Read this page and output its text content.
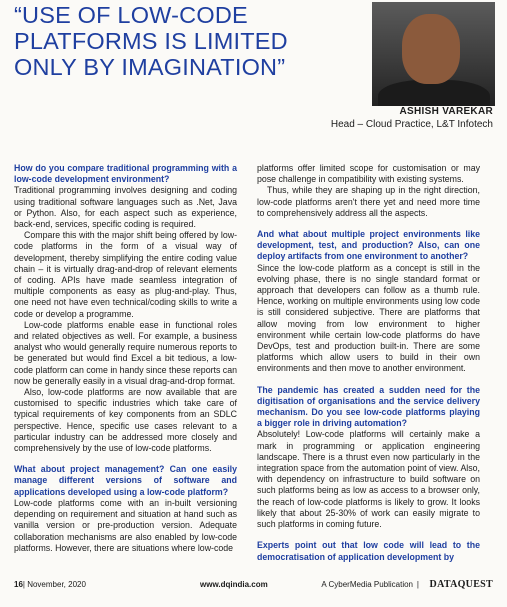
“USE OF LOW-CODE PLATFORMS IS LIMITED ONLY BY IMAGINATION”

ASHISH VAREKAR

Head – Cloud Practice, L&T Infotech

How do you compare traditional programming with a low-code development environment?

Traditional programming involves designing and coding using traditional software languages such as .Net, Java or Python. Also, for each aspect such as experience, back-end, services, specific coding is required.

Compare this with the major shift being offered by low-code platforms in the form of a visual way of development, thereby simplifying the entire coding value chain – it is virtually drag-and-drop of relevant elements of coding. APIs have made seamless integration of multiple components as easy as plug-and-play. Thus, one need not have even technical/coding skills to write a code or develop a programme.

Low-code platforms enable ease in functional roles and related objectives as well. For example, a business analyst who would generally require numerous reports to be generated but would find Excel a bit tedious, a low-code platform can come in handy since these reports can now be generally easily in a visual drag-and-drop format.

Also, low-code platforms are now available that are customised to specific industries which take care of typical requirements of key components from an SDLC perspective. Hence, specific use cases relevant to a particular industry can be addressed more closely and comprehensively by the use of low-code platforms.

What about project management? Can one easily manage different versions of software and applications developed using a low-code platform?

Low-code platforms come with an in-built versioning depending on requirement and situation at hand such as vanilla version or pre-production version. Adequate collaboration mechanisms are also enabled by low-code platforms. However, there are situations where low-code

platforms offer limited scope for customisation or may pose challenge in compatibility with existing systems.

Thus, while they are shaping up in the right direction, low-code platforms aren't there yet and need more time to comprehensively address all the aspects.

And what about multiple project environments like development, test, and production? Also, can one deploy artifacts from one environment to another?

Since the low-code platform as a concept is still in the evolving phase, there is no single standard format or approach that developers can follow as a thumb rule. Hence, working on multiple environments using low code is still considered subjective. There are platforms that allow moving from low environment to higher environment while certain low-code platforms do have DevOps, test and production built-in. There are some platforms which allow users to build in their own environments and then move to another environment.

The pandemic has created a sudden need for the digitisation of organisations and the service delivery mechanism. Do you see low-code platforms playing a bigger role in driving automation?

Absolutely! Low-code platforms will certainly make a mark in programming or application engineering landscape. There is a thrust even now particularly in the integration space from the automation point of view. Also, with dependency on infrastructure to build software on such platforms being as low as access to a browser only, the reach of low-code platforms is likely to grow. It looks likely that about 25-30% of work can easily migrate to such platforms in coming future.

Experts point out that low code will lead to the democratisation of application development by

16 | November, 2020	www.dqindia.com	A CyberMedia Publication | DATAQUEST
